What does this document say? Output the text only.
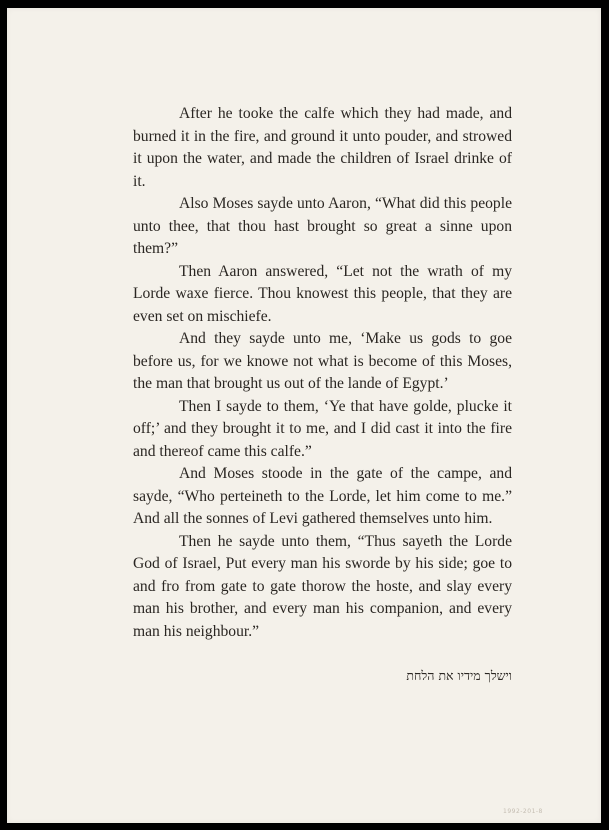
After he tooke the calfe which they had made, and burned it in the fire, and ground it unto pouder, and strowed it upon the water, and made the children of Israel drinke of it.

Also Moses sayde unto Aaron, “What did this people unto thee, that thou hast brought so great a sinne upon them?”

Then Aaron answered, “Let not the wrath of my Lorde waxe fierce. Thou knowest this people, that they are even set on mischiefe.

And they sayde unto me, ‘Make us gods to goe before us, for we knowe not what is become of this Moses, the man that brought us out of the lande of Egypt.’

Then I sayde to them, ‘Ye that have golde, plucke it off;’ and they brought it to me, and I did cast it into the fire and thereof came this calfe.”

And Moses stoode in the gate of the campe, and sayde, “Who perteineth to the Lorde, let him come to me.” And all the sonnes of Levi gathered themselves unto him.

Then he sayde unto them, “Thus sayeth the Lorde God of Israel, Put every man his sworde by his side; goe to and fro from gate to gate thorow the hoste, and slay every man his brother, and every man his companion, and every man his neighbour.”

וישלך מידיו את הלחת
1992-201-8
